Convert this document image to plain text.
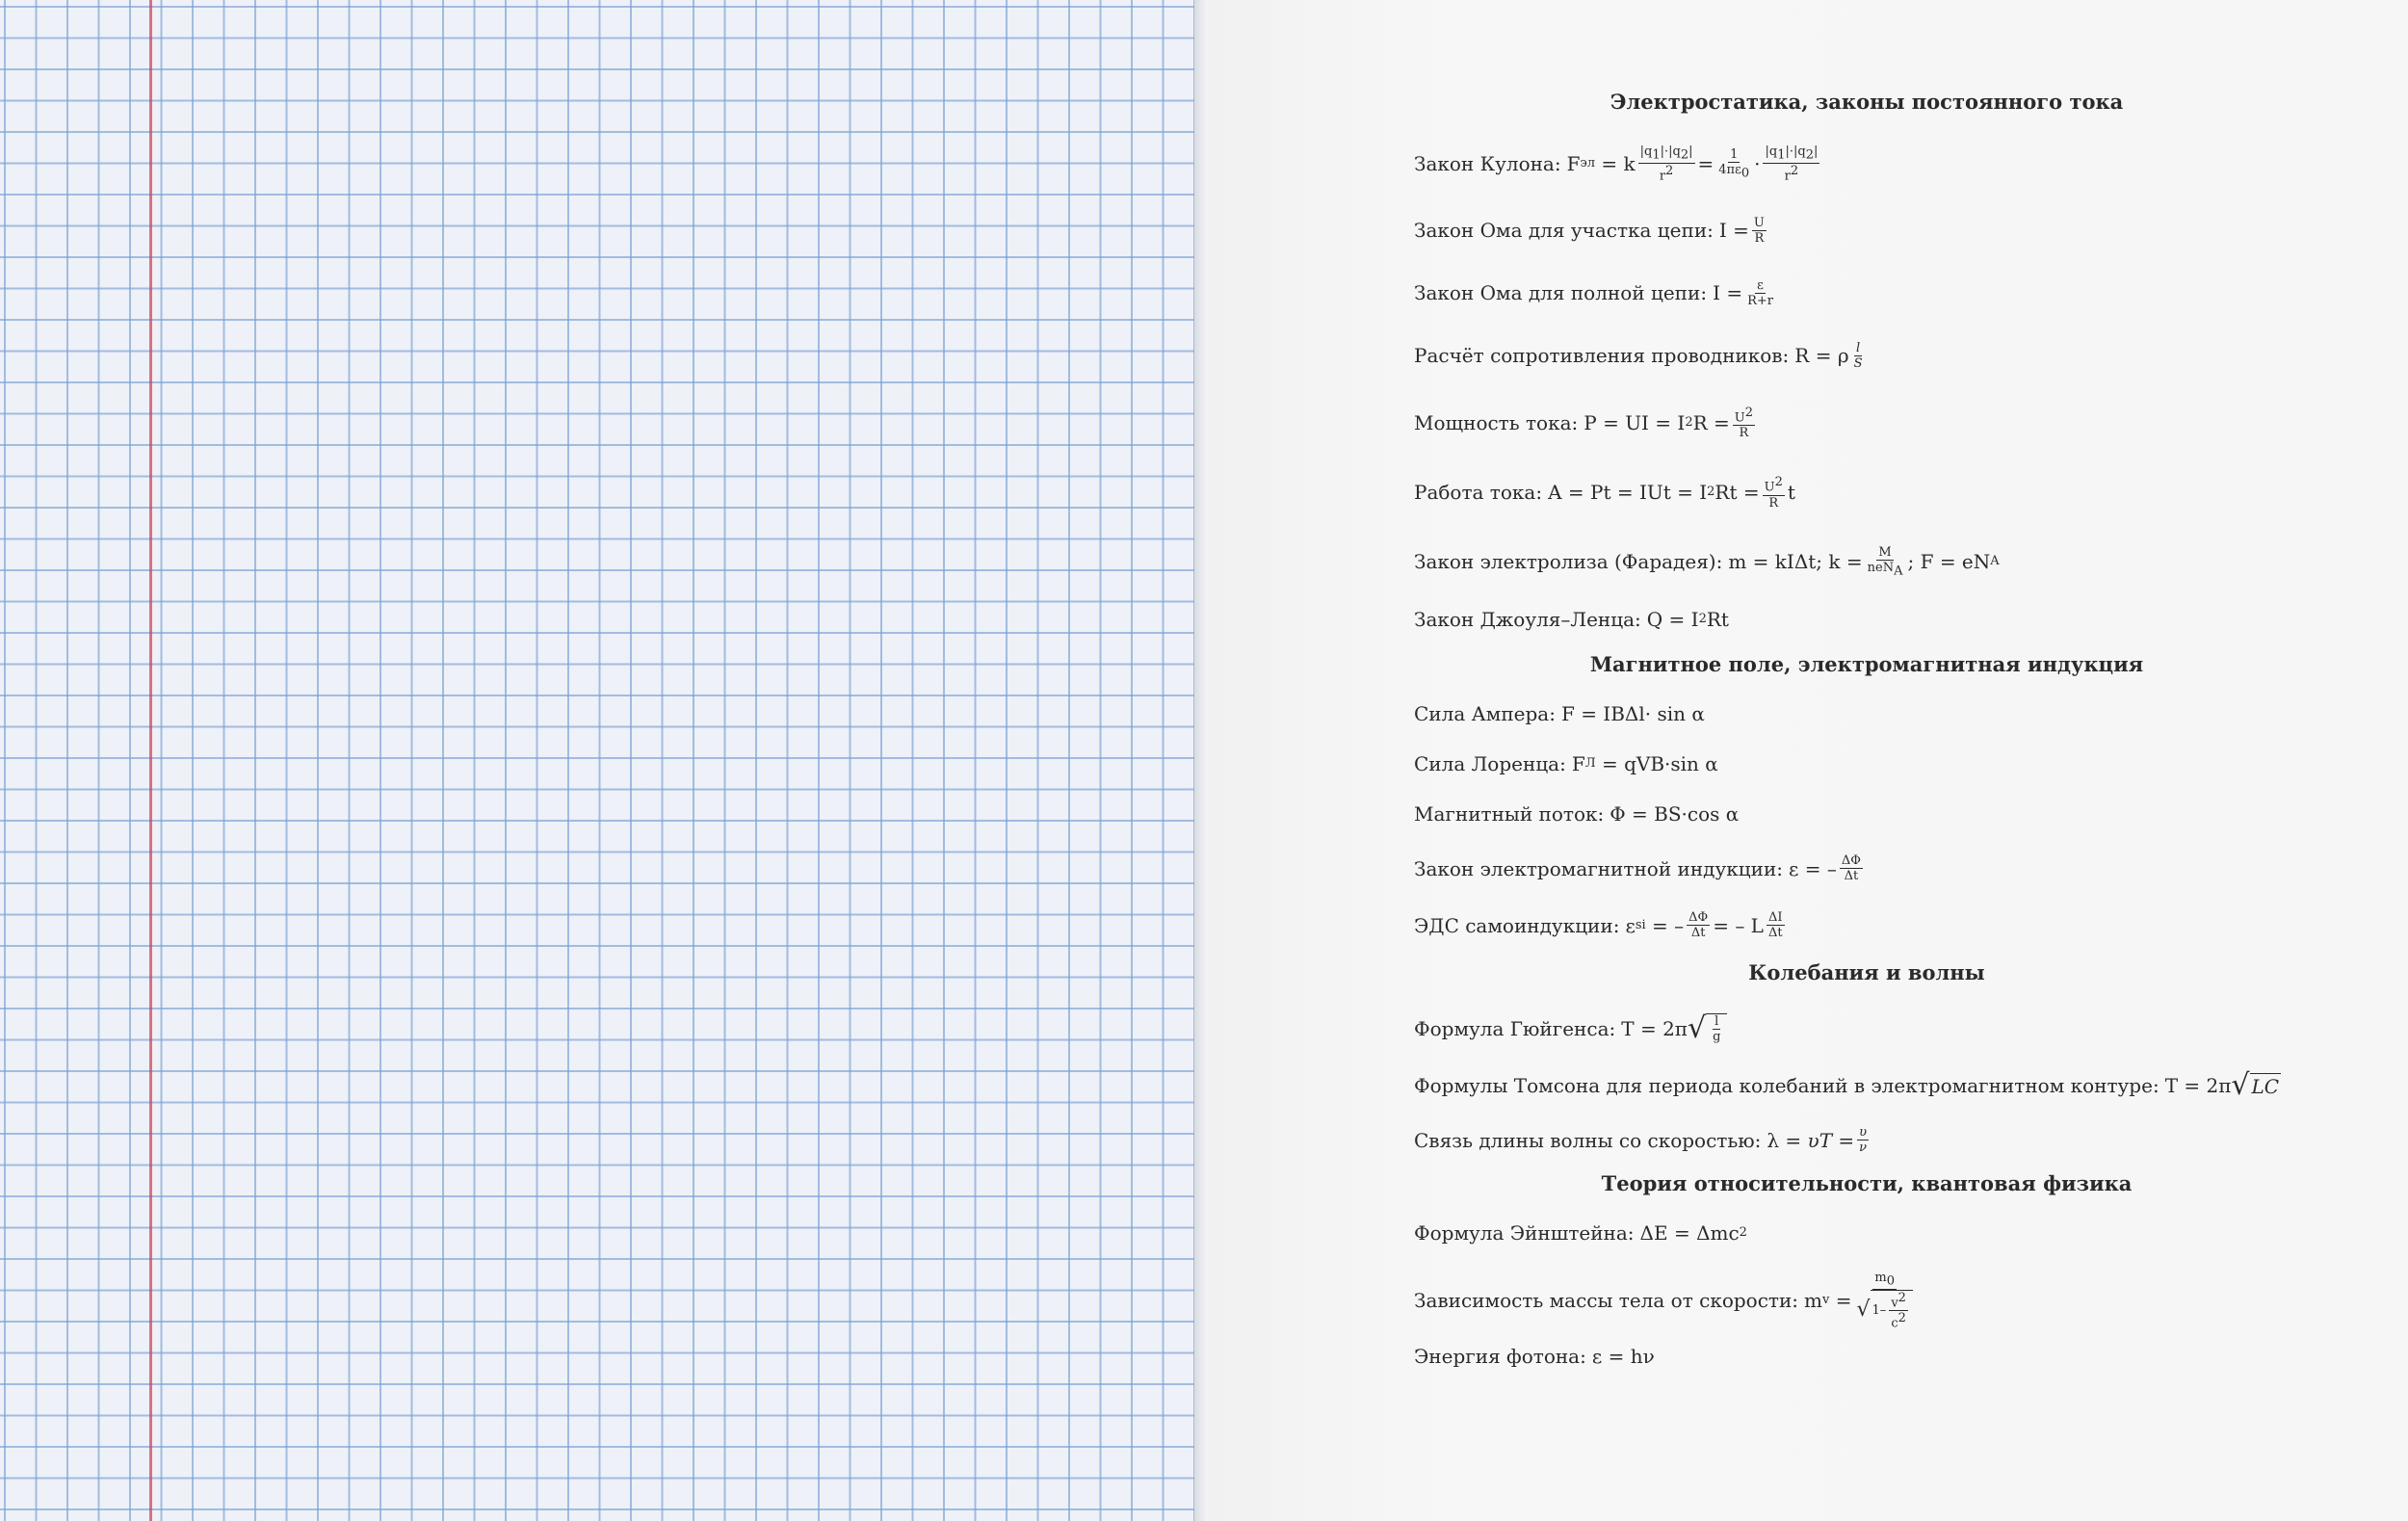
Электростатика, законы постоянного тока
Закон Кулона: F эл = k $\frac{|q_1|\cdot|q_2|}{r^2} = \frac{1}{4\pi\varepsilon_0} \cdot \frac{|q_1|\cdot|q_2|}{r^2}$
Закон Ома для участка цепи: $I = \frac{U}{R}$
Закон Ома для полной цепи: $I = \frac{\varepsilon}{R+r}$
Расчёт сопротивления проводников: R = ρ $\frac{l}{S}$
Мощность тока: P = UI = I 2 $R = \frac{U^2}{R}$
Работа тока: A = Pt = IUt = I 2 $Rt = \frac{U^2}{R}$ t
Закон электролиза (Фарадея): m = kIΔt; $k = \frac{M}{neN_A}$ ; F = eN A
Закон Джоуля–Ленца: Q = I 2 Rt
Магнитное поле, электромагнитная индукция
Сила Ампера: F = IBΔl· sin α
Сила Лоренца: F Л = qVB·sin α
Магнитный поток: Φ = BS·cos α
Закон электромагнитной индукции: ε = – $\frac{\Delta\Phi}{\Delta t}$
ЭДС самоиндукции: ε si = – $\frac{\Delta\Phi}{\Delta t}$ = – L $\frac{\Delta I}{\Delta t}$
Колебания и волны
Формула Гюйгенса: T = 2π √ $\frac{l}{g}$
Формулы Томсона для периода колебаний в электромагнитном контуре: T = 2π √ LC
Связь длины волны со скоростью: $\lambda = \upsilon T = \frac{\upsilon}{\nu}$
Теория относительности, квантовая физика
Формула Эйнштейна: ΔE = Δmc 2
Зависимость массы тела от скорости: m $v = \frac{m_0}{√ 1- \frac{v^2}{c^2}}$
Энергия фотона: ε = hν
